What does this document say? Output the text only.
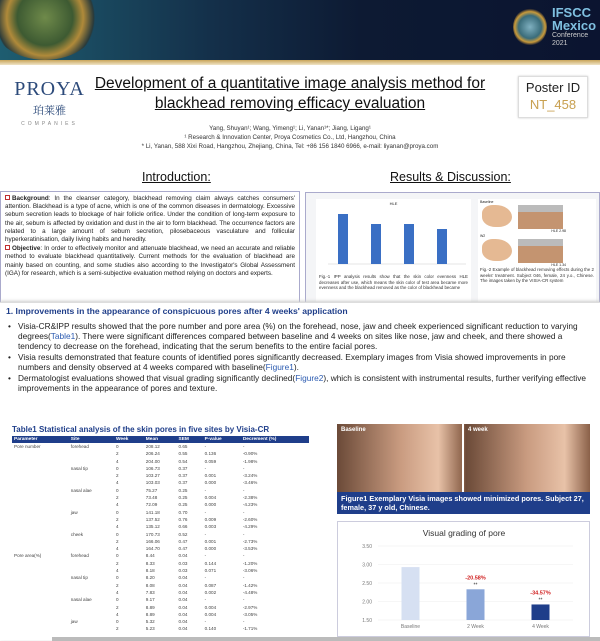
IFSCC
Mexico
Conference 2021
PROYA
珀莱雅
COMPANIES
Development of a quantitative image analysis method for blackhead removing efficacy evaluation
Poster ID
NT_458
Yang, Shuyan¹; Wang, Yimeng¹; Li, Yanan¹*; Jiang, Ligang¹
¹ Research & Innovation Center, Proya Cosmetics Co., Ltd, Hangzhou, China
* Li, Yanan, 588 Xixi Road, Hangzhou, Zhejiang, China, Tel: +86 156 1840 6966, e-mail: liyanan@proya.com
Introduction:	Results & Discussion:

Background: In the cleanser category, blackhead removing claim always catches consumers' attention. Blackhead is a type of acne, which is one of the common diseases in dermatology. Excessive sebum secretion leads to blockage of hair follicle orifice. Under the condition of long-term exposure to the air, sebum is affected by oxidation and dust in the air to form blackhead. The occurrence factors are related to a large amount of sebum secretion, pilosebaceous vasculature and follicular hyperkeratinisation, daily living habits and heredity.

Objective: In order to effectively monitor and attenuate blackhead, we need an accurate and reliable method to evaluate blackhead quantitatively. Current methods for the evaluation of blackhead are mainly based on counting, and some studies also according to the Investigator's Global Assessment (IGA) for research, which is a semi-subjective evaluation method relying on doctors and experts.

HLE
Fig.-1 IPP analysis results show that the skin color evenness HLE decreases after use, which means the skin color of test area became more evenness and the blackhead removed as the color of blackhead became
Baseline
HLE 2.98
W2
HLE 1.34
Fig.-2 Example of blackhead removing effects during the 2 weeks' treatment. Subject 046, female, 24 y.o., Chinese. The images taken by the VISIA-CR system
1. Improvements in the appearance of conspicuous pores after 4 weeks' application
• Visia-CR&IPP results showed that the pore number and pore area (%) on the forehead, nose, jaw and cheek experienced significant reduction to varying degrees(Table1). There were significant differences compared between baseline and 4 weeks on sites like nose, jaw and cheek, and there showed a tendency to decrease on the forehead, indicating that the serum benefits to the entire facial pores.
• Visia results demonstrated that feature counts of identified pores significantly decreased. Exemplary images from Visia showed improvements in pore numbers and density observed at 4 weeks compared with baseline(Figure1).
• Dermatologist evaluations showed that visual grading significantly declined(Figure2), which is consistent with instrumental results, further verifying effective improvements in the appearance of pores and texture.
Table1 Statistical analysis of the skin pores in five sites by Visia-CR
Parameter	Site	Week	Mean	SEM	P-value	Decrement (%)
Pore number	forehead	0	208.12	0.65	-	-
		2	206.24	0.55	0.136	-0.90%
		4	204.00	0.54	0.059	-1.98%
	nasal tip	0	106.73	0.37	-	-
		2	103.27	0.37	0.001	-3.24%
		4	103.03	0.37	0.000	-3.46%
	nasal alae	0	75.27	0.25	-	-
		2	73.48	0.25	0.004	-2.38%
		4	72.09	0.25	0.000	-4.23%
	jaw	0	141.18	0.70	-	-
		2	137.52	0.76	0.009	-2.60%
		4	135.12	0.66	0.003	-4.29%
	cheek	0	170.73	0.52	-	-
		2	166.06	0.47	0.001	-2.73%
		4	164.70	0.47	0.000	-3.53%
Pore area(%)	forehead	0	8.44	0.04	-	-
		2	8.33	0.03	0.144	-1.20%
		4	8.18	0.03	0.071	-3.06%
	nasal tip	0	8.20	0.04	-	-
		2	8.08	0.04	0.087	-1.42%
		4	7.83	0.04	0.002	-4.48%
	nasal alae	0	9.17	0.04	-	-
		2	8.89	0.04	0.004	-2.97%
		4	8.89	0.04	0.004	-3.05%
	jaw	0	5.32	0.04	-	-
		2	5.23	0.04	0.140	-1.71%
Baseline	4 week
Figure1 Exemplary Visia images showed minimized pores. Subject 27, female, 37 y old, Chinese.
Visual grading of pore
1.50
2.00
2.50
3.00
3.50
Baseline	2 Week
-20.58%
**
4 Week
-34.57%
**
